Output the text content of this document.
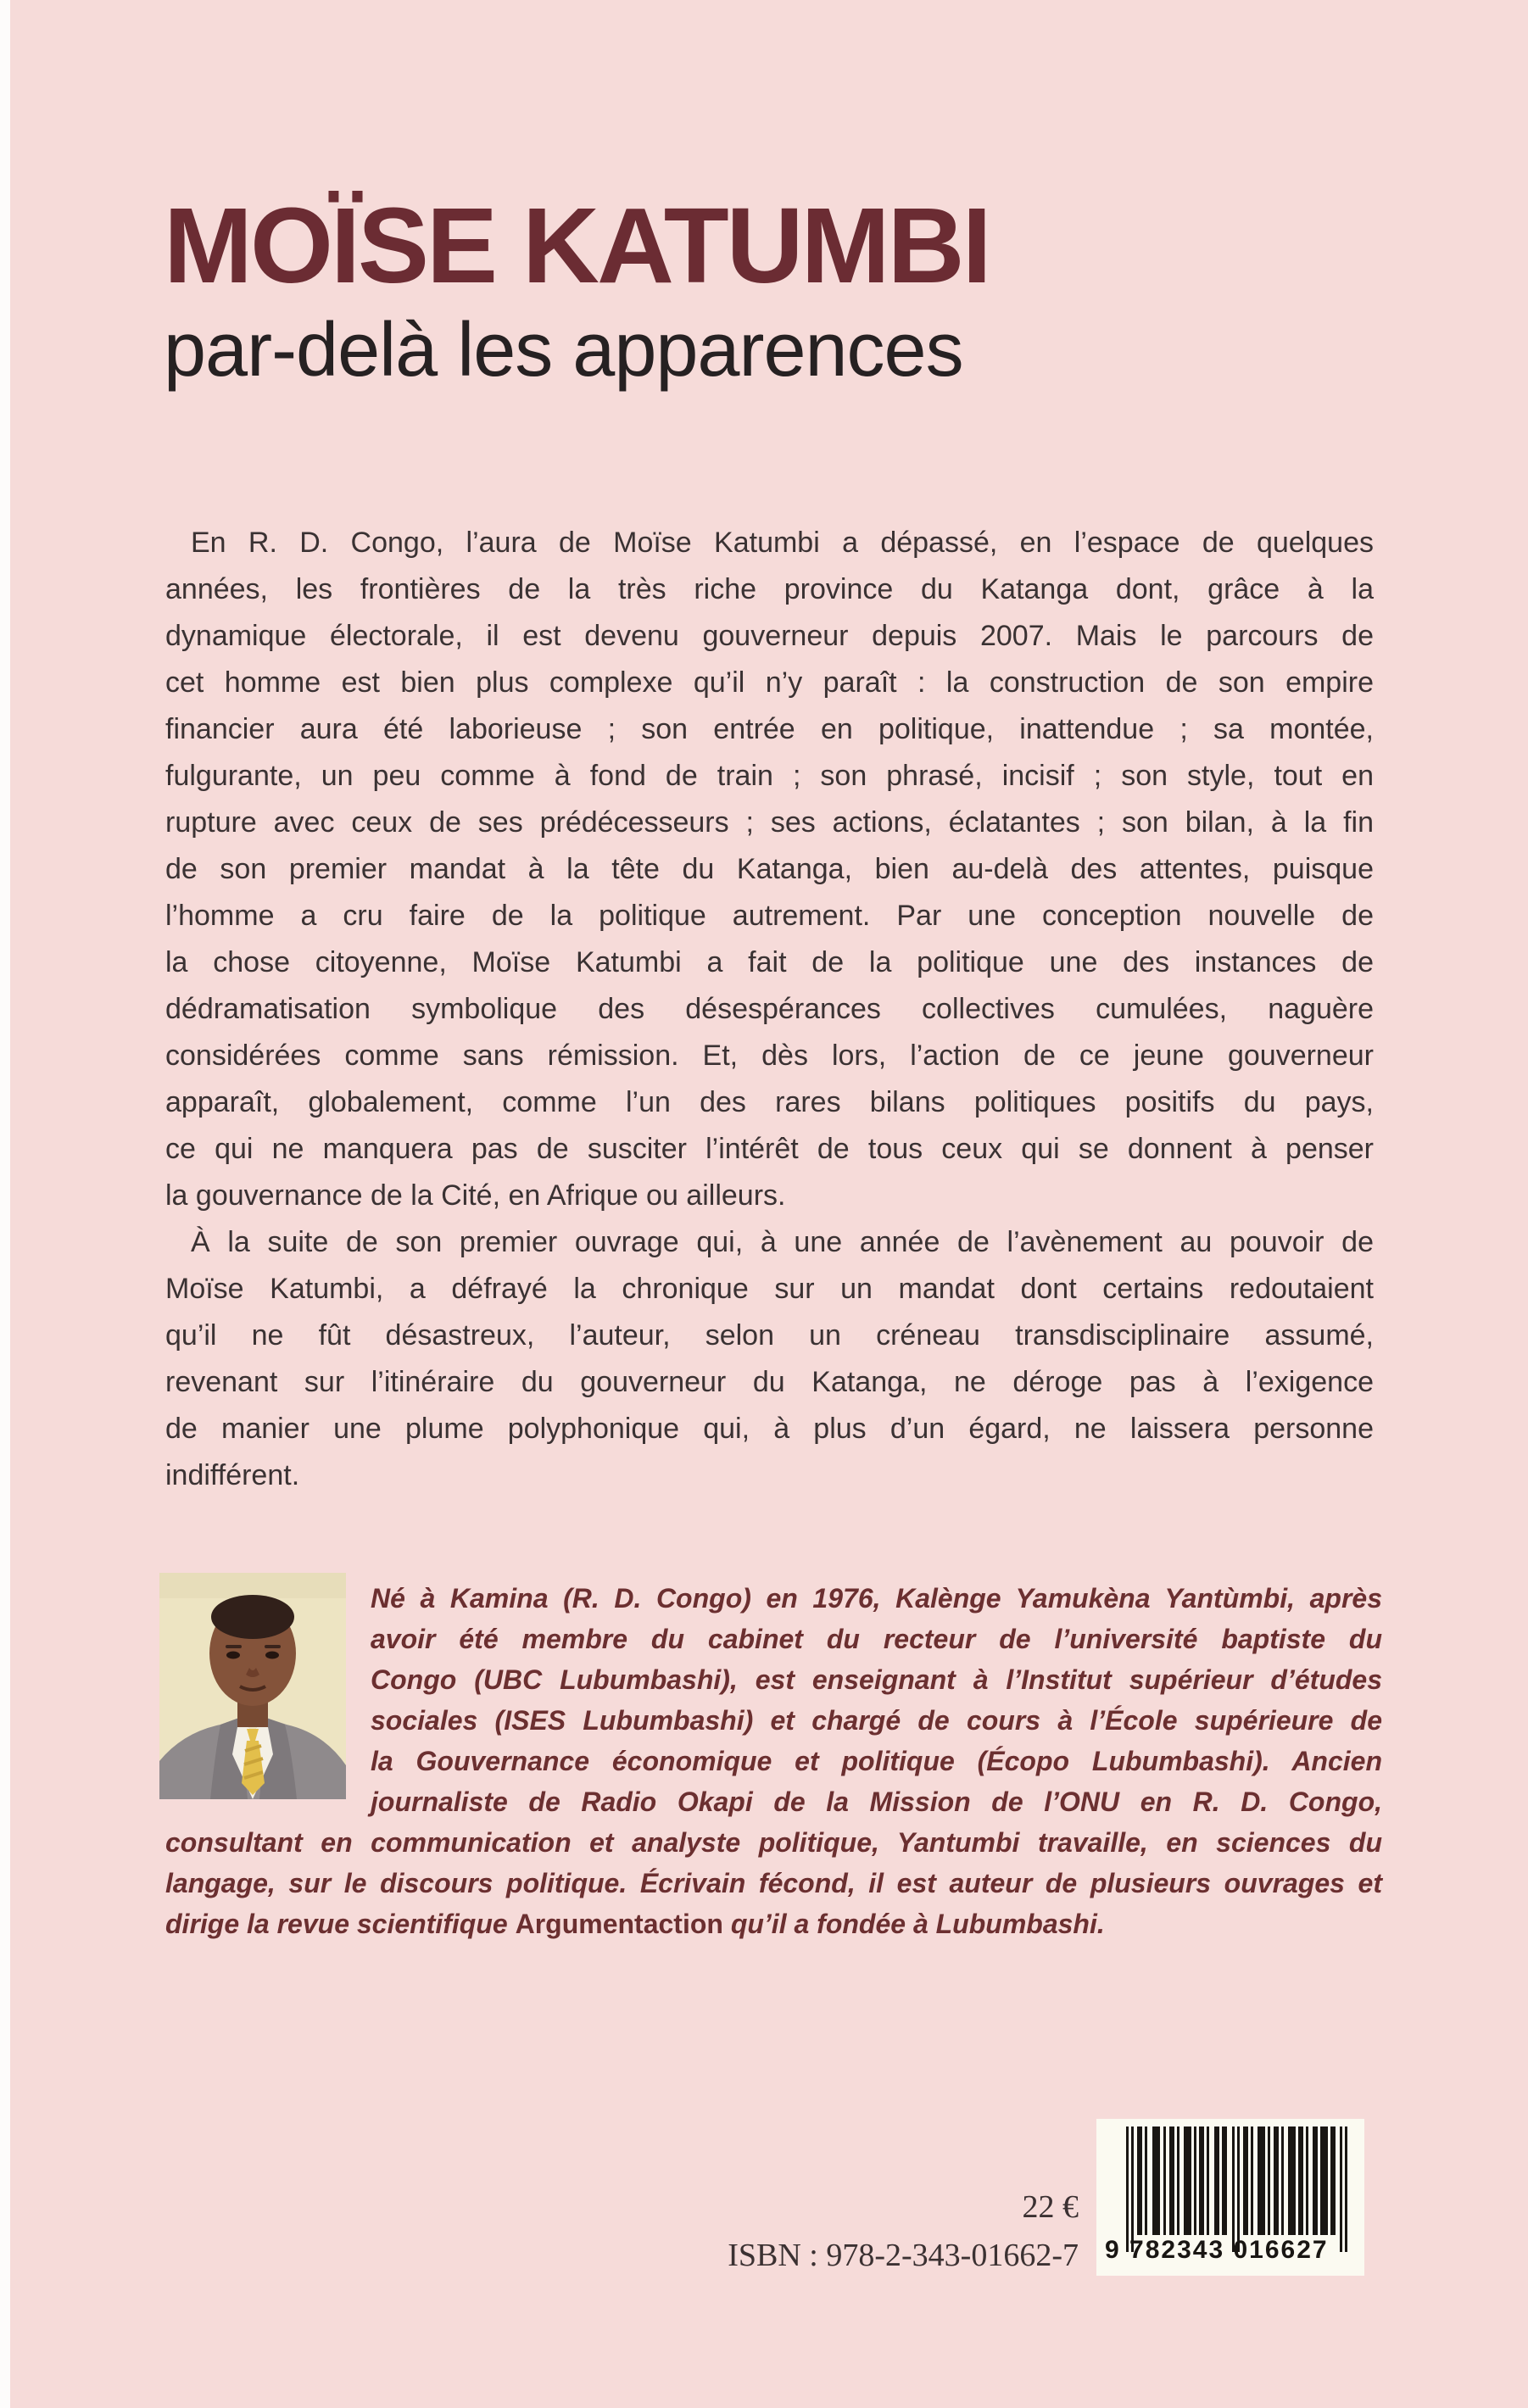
MOÏSE KATUMBI
par-delà les apparences
En R. D. Congo, l’aura de Moïse Katumbi a dépassé, en l’espace de quelques
années, les frontières de la très riche province du Katanga dont, grâce à la
dynamique électorale, il est devenu gouverneur depuis 2007. Mais le parcours de
cet homme est bien plus complexe qu’il n’y paraît : la construction de son empire
financier aura été laborieuse ; son entrée en politique, inattendue ; sa montée,
fulgurante, un peu comme à fond de train ; son phrasé, incisif ; son style, tout en
rupture avec ceux de ses prédécesseurs ; ses actions, éclatantes ; son bilan, à la fin
de son premier mandat à la tête du Katanga, bien au-delà des attentes, puisque
l’homme a cru faire de la politique autrement. Par une conception nouvelle de
la chose citoyenne, Moïse Katumbi a fait de la politique une des instances de
dédramatisation symbolique des désespérances collectives cumulées, naguère
considérées comme sans rémission. Et, dès lors, l’action de ce jeune gouverneur
apparaît, globalement, comme l’un des rares bilans politiques positifs du pays,
ce qui ne manquera pas de susciter l’intérêt de tous ceux qui se donnent à penser
la gouvernance de la Cité, en Afrique ou ailleurs.
À la suite de son premier ouvrage qui, à une année de l’avènement au pouvoir de
Moïse Katumbi, a défrayé la chronique sur un mandat dont certains redoutaient
qu’il ne fût désastreux, l’auteur, selon un créneau transdisciplinaire assumé,
revenant sur l’itinéraire du gouverneur du Katanga, ne déroge pas à l’exigence
de manier une plume polyphonique qui, à plus d’un égard, ne laissera personne
indifférent.
Né à Kamina (R. D. Congo) en 1976, Kalènge Yamukèna Yantùmbi, après
avoir été membre du cabinet du recteur de l’université baptiste du
Congo (UBC Lubumbashi), est enseignant à l’Institut supérieur d’études
sociales (ISES Lubumbashi) et chargé de cours à l’École supérieure de
la Gouvernance économique et politique (Écopo Lubumbashi). Ancien
journaliste de Radio Okapi de la Mission de l’ONU en R. D. Congo,
consultant en communication et analyste politique, Yantumbi travaille, en sciences du
langage, sur le discours politique. Écrivain fécond, il est auteur de plusieurs ouvrages et
dirige la revue scientifique Argumentaction qu’il a fondée à Lubumbashi.
22 €
ISBN : 978-2-343-01662-7 9 782343 016627
